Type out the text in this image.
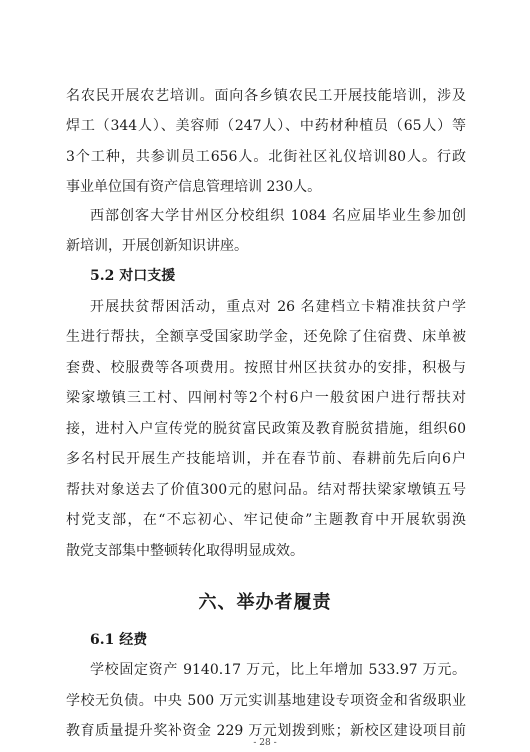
名农民开展农艺培训。面向各乡镇农民工开展技能培训，涉及

焊工（344人）、美容师（247人）、中药材种植员（65人）等

3个工种，共参训员工656人。北街社区礼仪培训80人。行政

事业单位国有资产信息管理培训 230人。

西部创客大学甘州区分校组织 1084 名应届毕业生参加创

新培训，开展创新知识讲座。

5.2 对口支援

开展扶贫帮困活动，重点对 26 名建档立卡精准扶贫户学

生进行帮扶，全额享受国家助学金，还免除了住宿费、床单被

套费、校服费等各项费用。按照甘州区扶贫办的安排，积极与

梁家墩镇三工村、四闸村等2个村6户一般贫困户进行帮扶对

接，进村入户宣传党的脱贫富民政策及教育脱贫措施，组织60

多名村民开展生产技能培训，并在春节前、春耕前先后向6户

帮扶对象送去了价值300元的慰问品。结对帮扶梁家墩镇五号

村党支部，在“不忘初心、牢记使命”主题教育中开展软弱涣

散党支部集中整顿转化取得明显成效。

六、举办者履责

6.1 经费

学校固定资产 9140.17 万元，比上年增加 533.97 万元。

学校无负债。中央 500 万元实训基地建设专项资金和省级职业

教育质量提升奖补资金 229 万元划拨到账；新校区建设项目前

- 28 -
